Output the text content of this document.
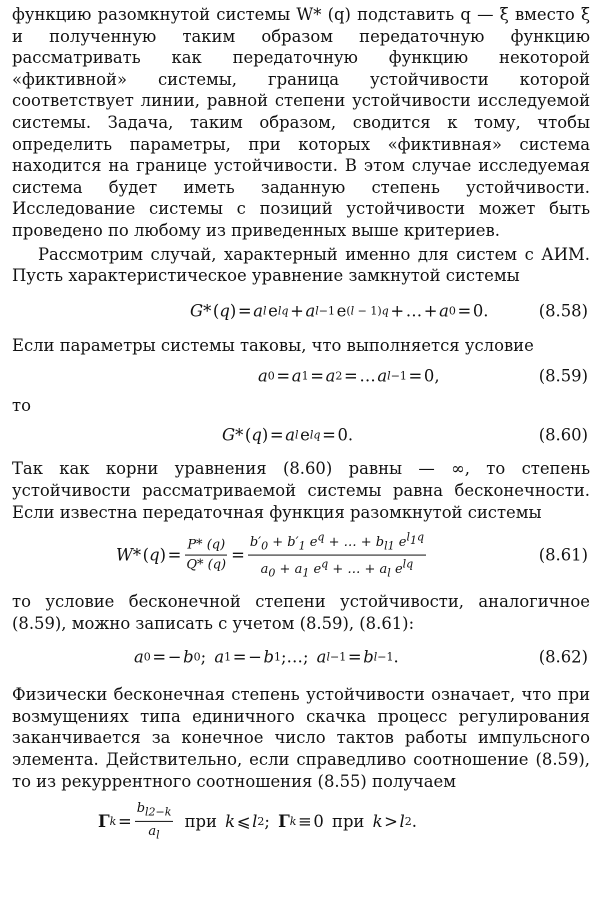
функцию разомкнутой системы W* (q) подставить q — ξ вместо ξ и полученную таким образом передаточную функцию рассматривать как передаточную функцию некоторой «фиктивной» системы, граница устойчивости которой соответствует линии, равной степени устойчивости исследуемой системы. Задача, таким образом, сводится к тому, чтобы определить параметры, при которых «фиктивная» система находится на границе устойчивости. В этом случае исследуемая система будет иметь заданную степень устойчивости. Исследование системы с позиций устойчивости может быть проведено по любому из приведенных выше критериев.

Рассмотрим случай, характерный именно для систем с АИМ. Пусть характеристическое уравнение замкнутой системы

G * ( q ) =  a l  e lq  +  a l−1  e (l − 1)q  + … +  a 0  = 0.	(8.58)

Если параметры системы таковы, что выполняется условие

a 0  =  a 1  =  a 2  = …  a l−1  = 0,	(8.59)

то

G * ( q ) =  a l  e lq  = 0.	(8.60)

Так как корни уравнения (8.60) равны — ∞, то степень устойчивости рассматриваемой системы равна бесконечности. Если известна передаточная функция разомкнутой системы

W * ( q ) = $\frac{P* (q)}{Q* (q)} = \frac{b'_0 + b'_1 e^q + \dots + b_{l1} e^{l_1q}}{a_0 + a_1 e^q + \dots + a_l e^{lq}}$	(8.61)

то условие бесконечной степени устойчивости, аналогичное (8.59), можно записать с учетом (8.59), (8.61):

a 0  = −  b 0 ;  a 1  = −  b 1 ;…;  a l−1  =  b l−1 .	(8.62)

Физически бесконечная степень устойчивости означает, что при возмущениях типа единичного скачка процесс регулирования заканчивается за конечное число тактов работы импульсного элемента. Действительно, если справедливо соотношение (8.59), то из рекуррентного соотношения (8.55) получаем

Γ k  = $\frac{b_{l2-k}}{a_l}$
  при
  k  ⩽  l 2 ;  Γ k  ≡ 0  при
  k  >  l 2 .
